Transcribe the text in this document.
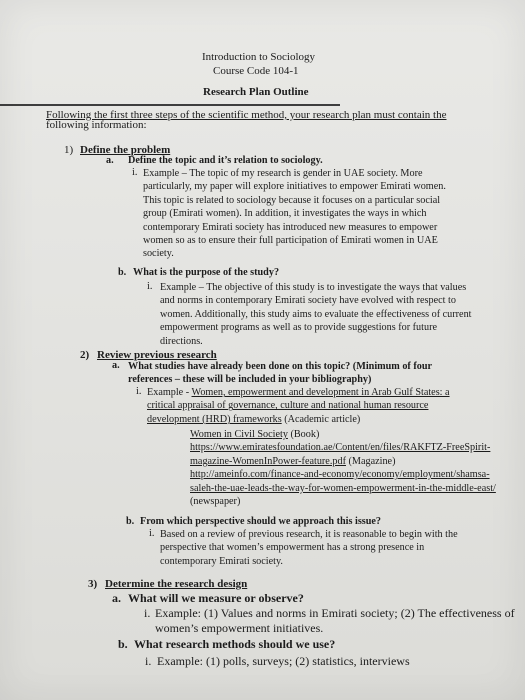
Introduction to Sociology
Course Code 104-1
Research Plan Outline
Following the first three steps of the scientific method, your research plan must contain the
following information:
1) Define the problem
a. Define the topic and it’s relation to sociology.
i. Example – The topic of my research is gender in UAE society. More
particularly, my paper will explore initiatives to empower Emirati women.
This topic is related to sociology because it focuses on a particular social
group (Emirati women). In addition, it investigates the ways in which
contemporary Emirati society has introduced new measures to empower
women so as to ensure their full participation of Emirati women in UAE
society.
b. What is the purpose of the study?
i. Example – The objective of this study is to investigate the ways that values
and norms in contemporary Emirati society have evolved with respect to
women. Additionally, this study aims to evaluate the effectiveness of current
empowerment programs as well as to provide suggestions for future
directions.
2) Review previous research
a. What studies have already been done on this topic? (Minimum of four
references – these will be included in your bibliography)
i. Example - Women, empowerment and development in Arab Gulf States: a
critical appraisal of governance, culture and national human resource
development (HRD) frameworks (Academic article)
Women in Civil Society (Book)
https://www.emiratesfoundation.ae/Content/en/files/RAKFTZ-FreeSpirit-
magazine-WomenInPower-feature.pdf (Magazine)
http://ameinfo.com/finance-and-economy/economy/employment/shamsa-
saleh-the-uae-leads-the-way-for-women-empowerment-in-the-middle-east/
(newspaper)
b. From which perspective should we approach this issue?
i. Based on a review of previous research, it is reasonable to begin with the
perspective that women’s empowerment has a strong presence in
contemporary Emirati society.
3) Determine the research design
a. What will we measure or observe?
i. Example: (1) Values and norms in Emirati society; (2) The effectiveness of
women’s empowerment initiatives.
b. What research methods should we use?
i. Example: (1) polls, surveys; (2) statistics, interviews
